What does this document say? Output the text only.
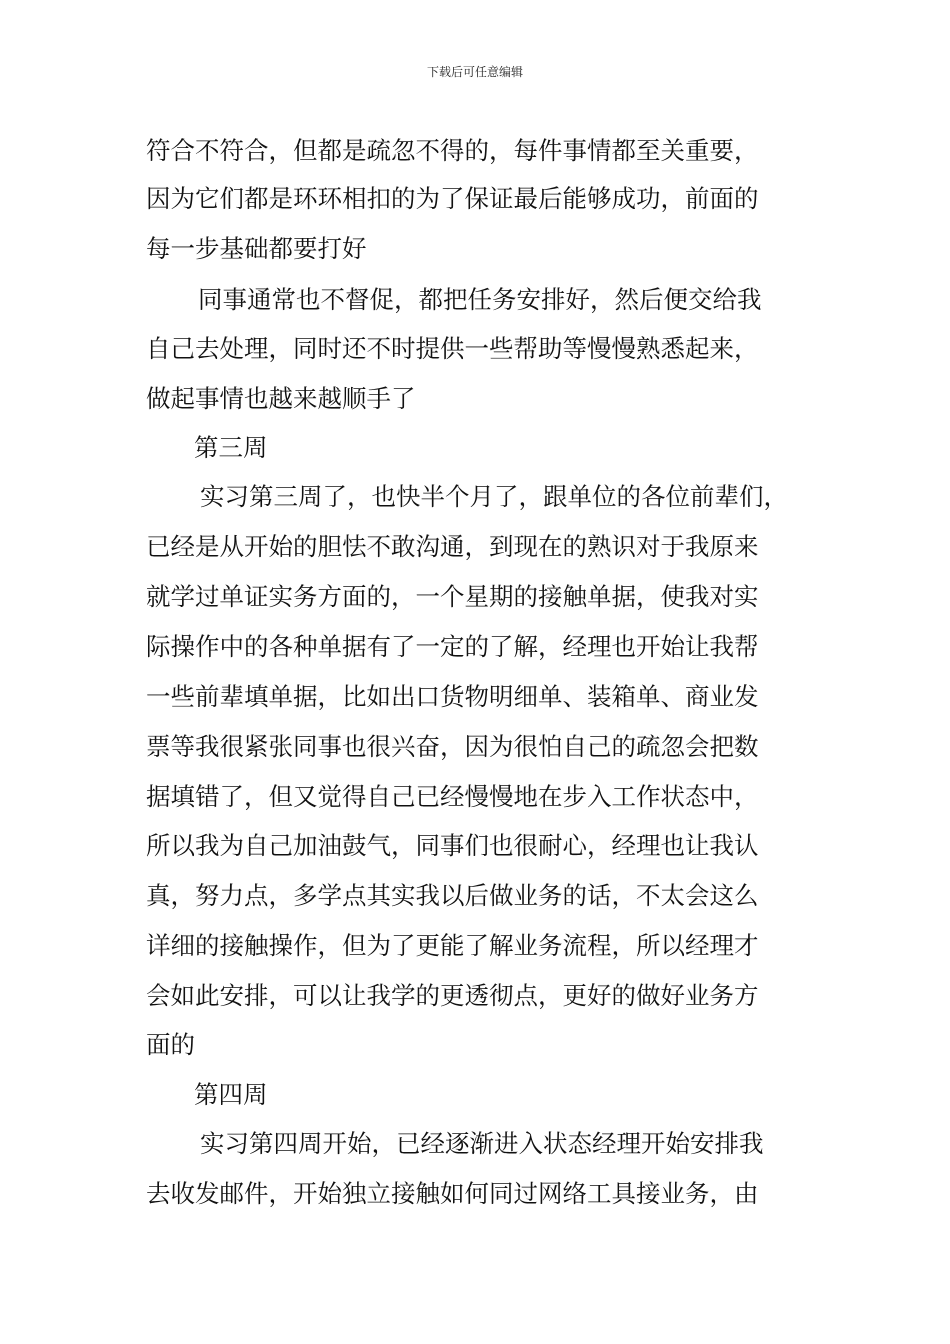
下载后可任意编辑
符合不符合，但都是疏忽不得的，每件事情都至关重要，
因为它们都是环环相扣的为了保证最后能够成功，前面的
每一步基础都要打好
同事通常也不督促，都把任务安排好，然后便交给我
自己去处理，同时还不时提供一些帮助等慢慢熟悉起来，
做起事情也越来越顺手了
第三周
实习第三周了，也快半个月了，跟单位的各位前辈们，
已经是从开始的胆怯不敢沟通，到现在的熟识对于我原来
就学过单证实务方面的，一个星期的接触单据，使我对实
际操作中的各种单据有了一定的了解，经理也开始让我帮
一些前辈填单据，比如出口货物明细单、装箱单、商业发
票等我很紧张同事也很兴奋，因为很怕自己的疏忽会把数
据填错了，但又觉得自己已经慢慢地在步入工作状态中，
所以我为自己加油鼓气，同事们也很耐心，经理也让我认
真，努力点，多学点其实我以后做业务的话，不太会这么
详细的接触操作，但为了更能了解业务流程，所以经理才
会如此安排，可以让我学的更透彻点，更好的做好业务方
面的
第四周
实习第四周开始，已经逐渐进入状态经理开始安排我
去收发邮件，开始独立接触如何同过网络工具接业务，由
